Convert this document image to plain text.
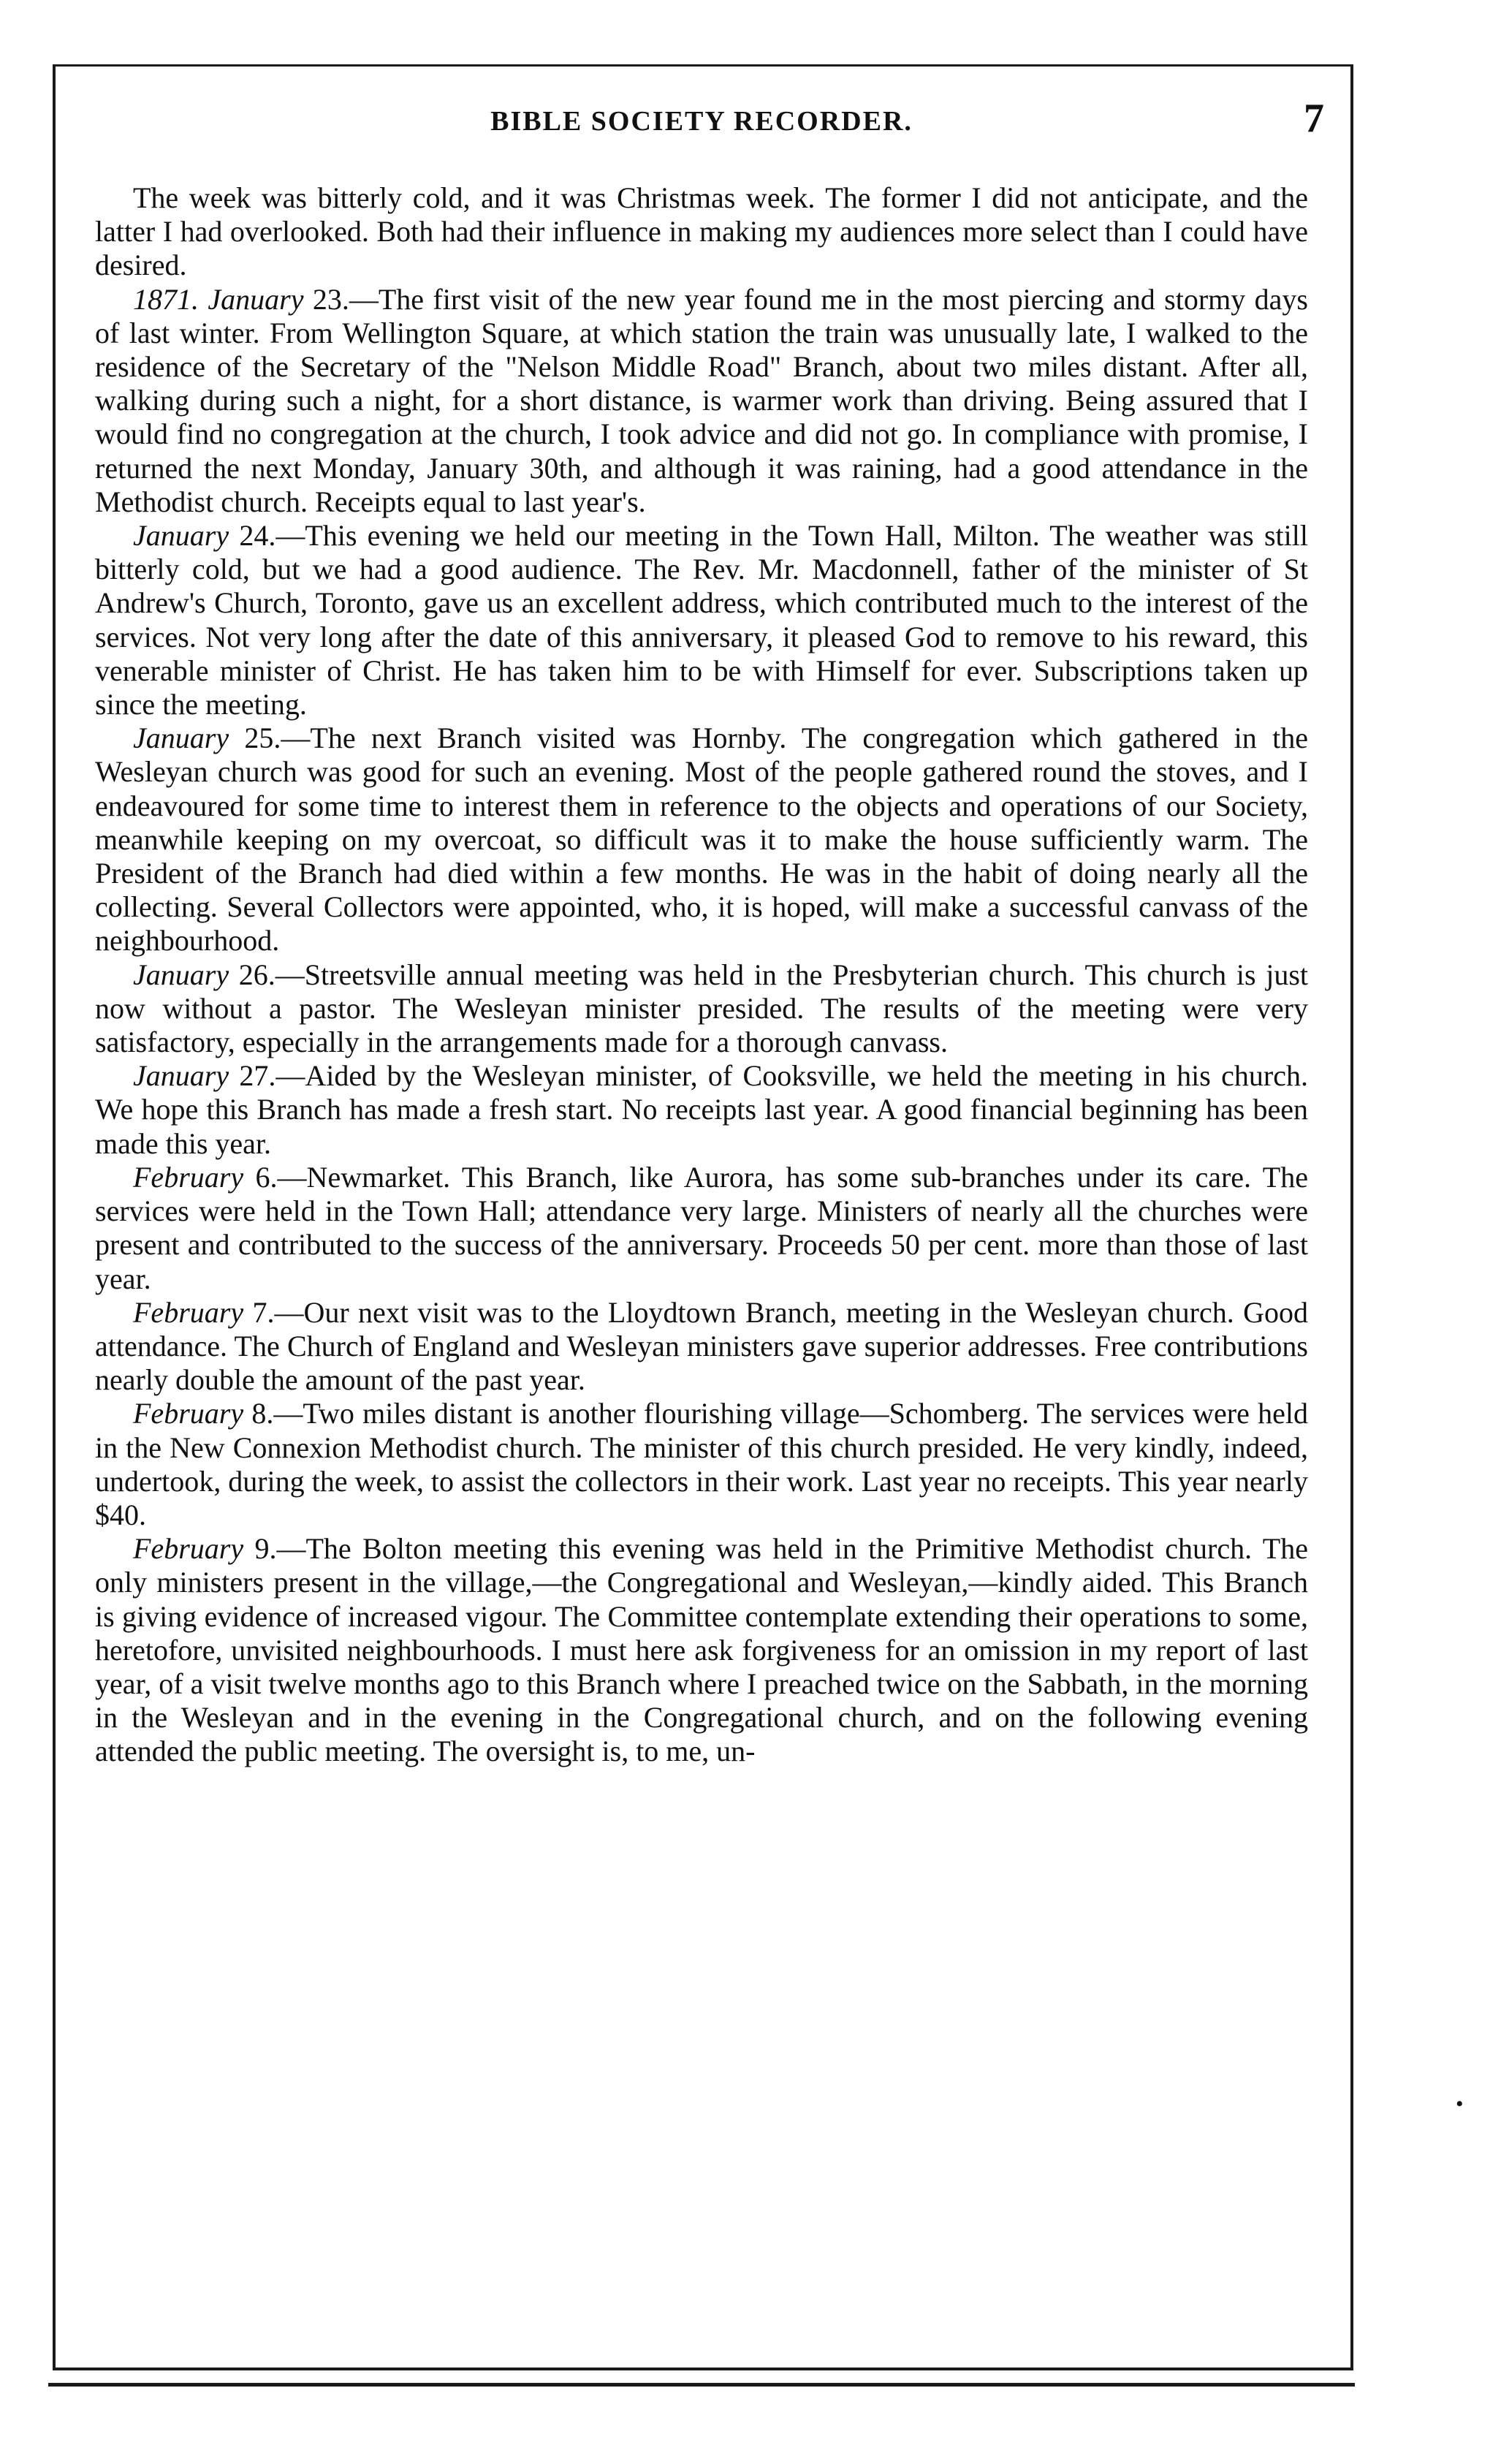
BIBLE SOCIETY RECORDER.	7

The week was bitterly cold, and it was Christmas week. The former I did not anticipate, and the latter I had overlooked. Both had their influence in making my audiences more select than I could have desired.

1871. January 23.—The first visit of the new year found me in the most piercing and stormy days of last winter. From Wellington Square, at which station the train was unusually late, I walked to the residence of the Secretary of the "Nelson Middle Road" Branch, about two miles distant. After all, walking during such a night, for a short distance, is warmer work than driving. Being assured that I would find no congregation at the church, I took advice and did not go. In compliance with promise, I returned the next Monday, January 30th, and although it was raining, had a good attendance in the Methodist church. Receipts equal to last year's.

January 24.—This evening we held our meeting in the Town Hall, Milton. The weather was still bitterly cold, but we had a good audience. The Rev. Mr. Macdonnell, father of the minister of St Andrew's Church, Toronto, gave us an excellent address, which contributed much to the interest of the services. Not very long after the date of this anniversary, it pleased God to remove to his reward, this venerable minister of Christ. He has taken him to be with Himself for ever. Subscriptions taken up since the meeting.

January 25.—The next Branch visited was Hornby. The congregation which gathered in the Wesleyan church was good for such an evening. Most of the people gathered round the stoves, and I endeavoured for some time to interest them in reference to the objects and operations of our Society, meanwhile keeping on my overcoat, so difficult was it to make the house sufficiently warm. The President of the Branch had died within a few months. He was in the habit of doing nearly all the collecting. Several Collectors were appointed, who, it is hoped, will make a successful canvass of the neighbourhood.

January 26.—Streetsville annual meeting was held in the Presbyterian church. This church is just now without a pastor. The Wesleyan minister presided. The results of the meeting were very satisfactory, especially in the arrangements made for a thorough canvass.

January 27.—Aided by the Wesleyan minister, of Cooksville, we held the meeting in his church. We hope this Branch has made a fresh start. No receipts last year. A good financial beginning has been made this year.

February 6.—Newmarket. This Branch, like Aurora, has some sub-branches under its care. The services were held in the Town Hall; attendance very large. Ministers of nearly all the churches were present and contributed to the success of the anniversary. Proceeds 50 per cent. more than those of last year.

February 7.—Our next visit was to the Lloydtown Branch, meeting in the Wesleyan church. Good attendance. The Church of England and Wesleyan ministers gave superior addresses. Free contributions nearly double the amount of the past year.

February 8.—Two miles distant is another flourishing village—Schomberg. The services were held in the New Connexion Methodist church. The minister of this church presided. He very kindly, indeed, undertook, during the week, to assist the collectors in their work. Last year no receipts. This year nearly $40.

February 9.—The Bolton meeting this evening was held in the Primitive Methodist church. The only ministers present in the village,—the Congregational and Wesleyan,—kindly aided. This Branch is giving evidence of increased vigour. The Committee contemplate extending their operations to some, heretofore, unvisited neighbourhoods. I must here ask forgiveness for an omission in my report of last year, of a visit twelve months ago to this Branch where I preached twice on the Sabbath, in the morning in the Wesleyan and in the evening in the Congregational church, and on the following evening attended the public meeting. The oversight is, to me, un-

•
